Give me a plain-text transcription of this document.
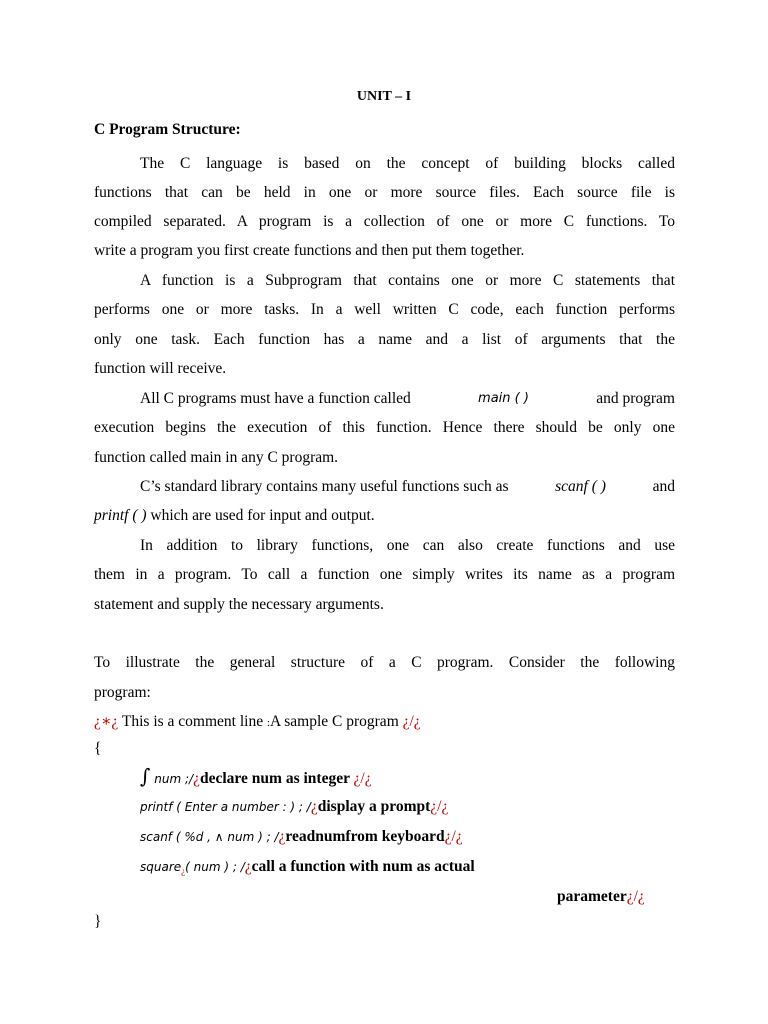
UNIT – I
C Program Structure:
The C language is based on the concept of building blocks called
functions that can be held in one or more source files. Each source file is
compiled separated. A program is a collection of one or more C functions. To
write a program you first create functions and then put them together.
A function is a Subprogram that contains one or more C statements that
performs one or more tasks. In a well written C code, each function performs
only one task. Each function has a name and a list of arguments that the
function will receive.
All C programs must have a function called	main ( )	and program
execution begins the execution of this function. Hence there should be only one
function called main in any C program.
C’s standard library contains many useful functions such as	scanf ( )	and
printf ( ) which are used for input and output.
In addition to library functions, one can also create functions and use
them in a program. To call a function one simply writes its name as a program
statement and supply the necessary arguments.
To illustrate the general structure of a C program. Consider the following
program:
¿∗¿ This is a comment line :A sample C program ¿/¿
{
∫ num ;/¿declare num as integer ¿/¿
printf ( Enter a number : ) ; /¿display a prompt¿/¿
scanf ( %d , ∧ num ) ; /¿readnumfrom keyboard¿/¿
square$_¿$( num ) ; /¿call a function with num as actual
parameter¿/¿
}
